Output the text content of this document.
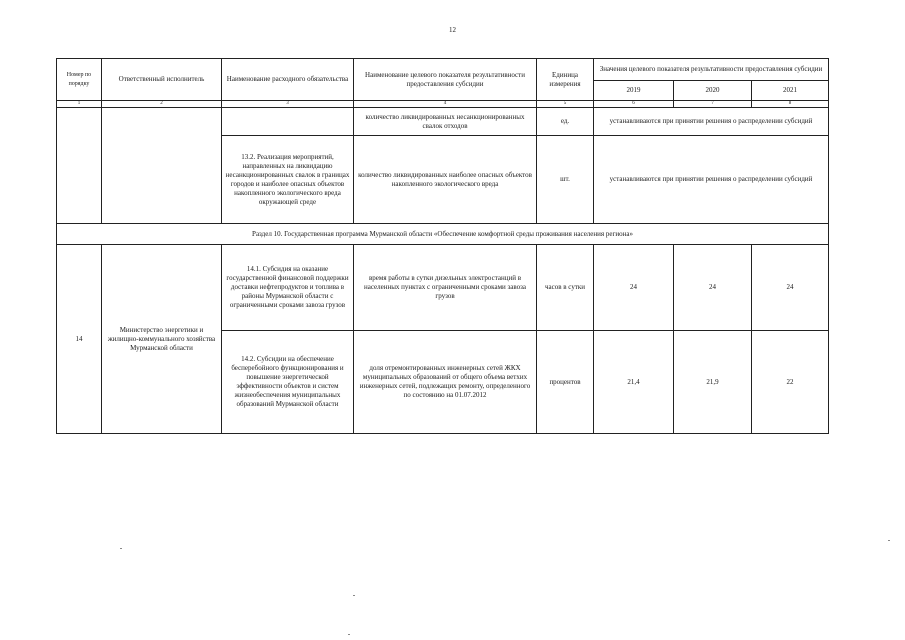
12
Номер по порядку	Ответственный исполнитель	Наименование расходного обязательства	Наименование целевого показателя результативности предоставления субсидии	Единица измерения	Значения целевого показателя результативности предоставления субсидии		
					2019	2020	2021
1	2	3	4	5	6	7	8
			количество ликвидированных несанкционированных свалок отходов	ед.	устанавливаются при принятии решения о распределении субсидий		
		13.2. Реализация мероприятий, направленных на ликвидацию несанкционированных свалок в границах городов и наиболее опасных объектов накопленного экологического вреда окружающей среде	количество ликвидированных наиболее опасных объектов накопленного экологического вреда	шт.	устанавливаются при принятии решения о распределении субсидий		
Раздел 10. Государственная программа Мурманской области «Обеспечение комфортной среды проживания населения региона»							
14	Министерство энергетики и жилищно-коммунального хозяйства Мурманской области	14.1. Субсидия на оказание государственной финансовой поддержки доставки нефтепродуктов и топлива в районы Мурманской области с ограниченными сроками завоза грузов	время работы в сутки дизельных электростанций в населенных пунктах с ограниченными сроками завоза грузов	часов в сутки	24	24	24
		14.2. Субсидии на обеспечение бесперебойного функционирования и повышение энергетической эффективности объектов и систем жизнеобеспечения муниципальных образований Мурманской области	доля отремонтированных инженерных сетей ЖКХ муниципальных образований от общего объема ветхих инженерных сетей, подлежащих ремонту, определенного по состоянию на 01.07.2012	процентов	21,4	21,9	22
